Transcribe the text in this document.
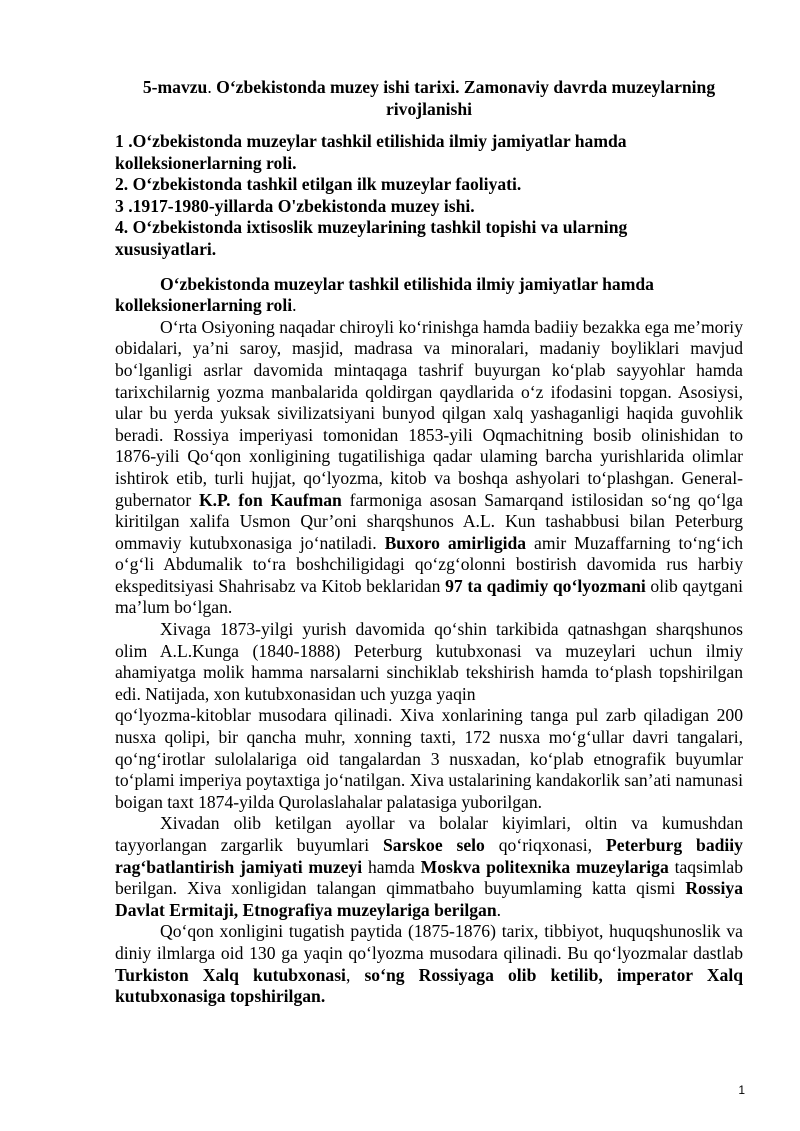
5-mavzu. O‘zbekistonda muzey ishi tarixi. Zamonaviy davrda muzeylarning rivojlanishi
1 .O‘zbekistonda muzeylar tashkil etilishida ilmiy jamiyatlar hamda kolleksionerlarning roli.
2. O‘zbekistonda tashkil etilgan ilk muzeylar faoliyati.
3 .1917-1980-yillarda O'zbekistonda muzey ishi.
4. O‘zbekistonda ixtisoslik muzeylarining tashkil topishi va ularning xususiyatlari.
O‘zbekistonda muzeylar tashkil etilishida ilmiy jamiyatlar hamda kolleksionerlarning roli.

O‘rta Osiyoning naqadar chiroyli ko‘rinishga hamda badiiy bezakka ega me’moriy obidalari, ya’ni saroy, masjid, madrasa va minoralari, madaniy boyliklari mavjud bo‘lganligi asrlar davomida mintaqaga tashrif buyurgan ko‘plab sayyohlar hamda tarixchilarnig yozma manbalarida qoldirgan qaydlarida o‘z ifodasini topgan. Asosiysi, ular bu yerda yuksak sivilizatsiyani bunyod qilgan xalq yashaganligi haqida guvohlik beradi. Rossiya imperiyasi tomonidan 1853-yili Oqmachitning bosib olinishidan to 1876-yili Qo‘qon xonligining tugatilishiga qadar ulaming barcha yurishlarida olimlar ishtirok etib, turli hujjat, qo‘lyozma, kitob va boshqa ashyolari to‘plashgan. General-gubernator K.P. fon Kaufman farmoniga asosan Samarqand istilosidan so‘ng qo‘lga kiritilgan xalifa Usmon Qur’oni sharqshunos A.L. Kun tashabbusi bilan Peterburg ommaviy kutubxonasiga jo‘natiladi. Buxoro amirligida amir Muzaffarning to‘ng‘ich o‘g‘li Abdumalik to‘ra boshchiligidagi qo‘zg‘olonni bostirish davomida rus harbiy ekspeditsiyasi Shahrisabz va Kitob beklaridan 97 ta qadimiy qo‘lyozmani olib qaytgani ma’lum bo‘lgan.

Xivaga 1873-yilgi yurish davomida qo‘shin tarkibida qatnashgan sharqshunos olim A.L.Kunga (1840-1888) Peterburg kutubxonasi va muzeylari uchun ilmiy ahamiyatga molik hamma narsalarni sinchiklab tekshirish hamda to‘plash topshirilgan edi. Natijada, xon kutubxonasidan uch yuzga yaqin

qo‘lyozma-kitoblar musodara qilinadi. Xiva xonlarining tanga pul zarb qiladigan 200 nusxa qolipi, bir qancha muhr, xonning taxti, 172 nusxa mo‘g‘ullar davri tangalari, qo‘ng‘irotlar sulolalariga oid tangalardan 3 nusxadan, ko‘plab etnografik buyumlar to‘plami imperiya poytaxtiga jo‘natilgan. Xiva ustalarining kandakorlik san’ati namunasi boigan taxt 1874-yilda Qurolaslahalar palatasiga yuborilgan.

Xivadan olib ketilgan ayollar va bolalar kiyimlari, oltin va kumushdan tayyorlangan zargarlik buyumlari Sarskoe selo qo‘riqxonasi, Peterburg badiiy rag‘batlantirish jamiyati muzeyi hamda Moskva politexnika muzeylariga taqsimlab berilgan. Xiva xonligidan talangan qimmatbaho buyumlaming katta qismi Rossiya Davlat Ermitaji, Etnografiya muzeylariga berilgan.

Qo‘qon xonligini tugatish paytida (1875-1876) tarix, tibbiyot, huquqshunoslik va diniy ilmlarga oid 130 ga yaqin qo‘lyozma musodara qilinadi. Bu qo‘lyozmalar dastlab Turkiston Xalq kutubxonasi, so‘ng Rossiyaga olib ketilib, imperator Xalq kutubxonasiga topshirilgan.

1
